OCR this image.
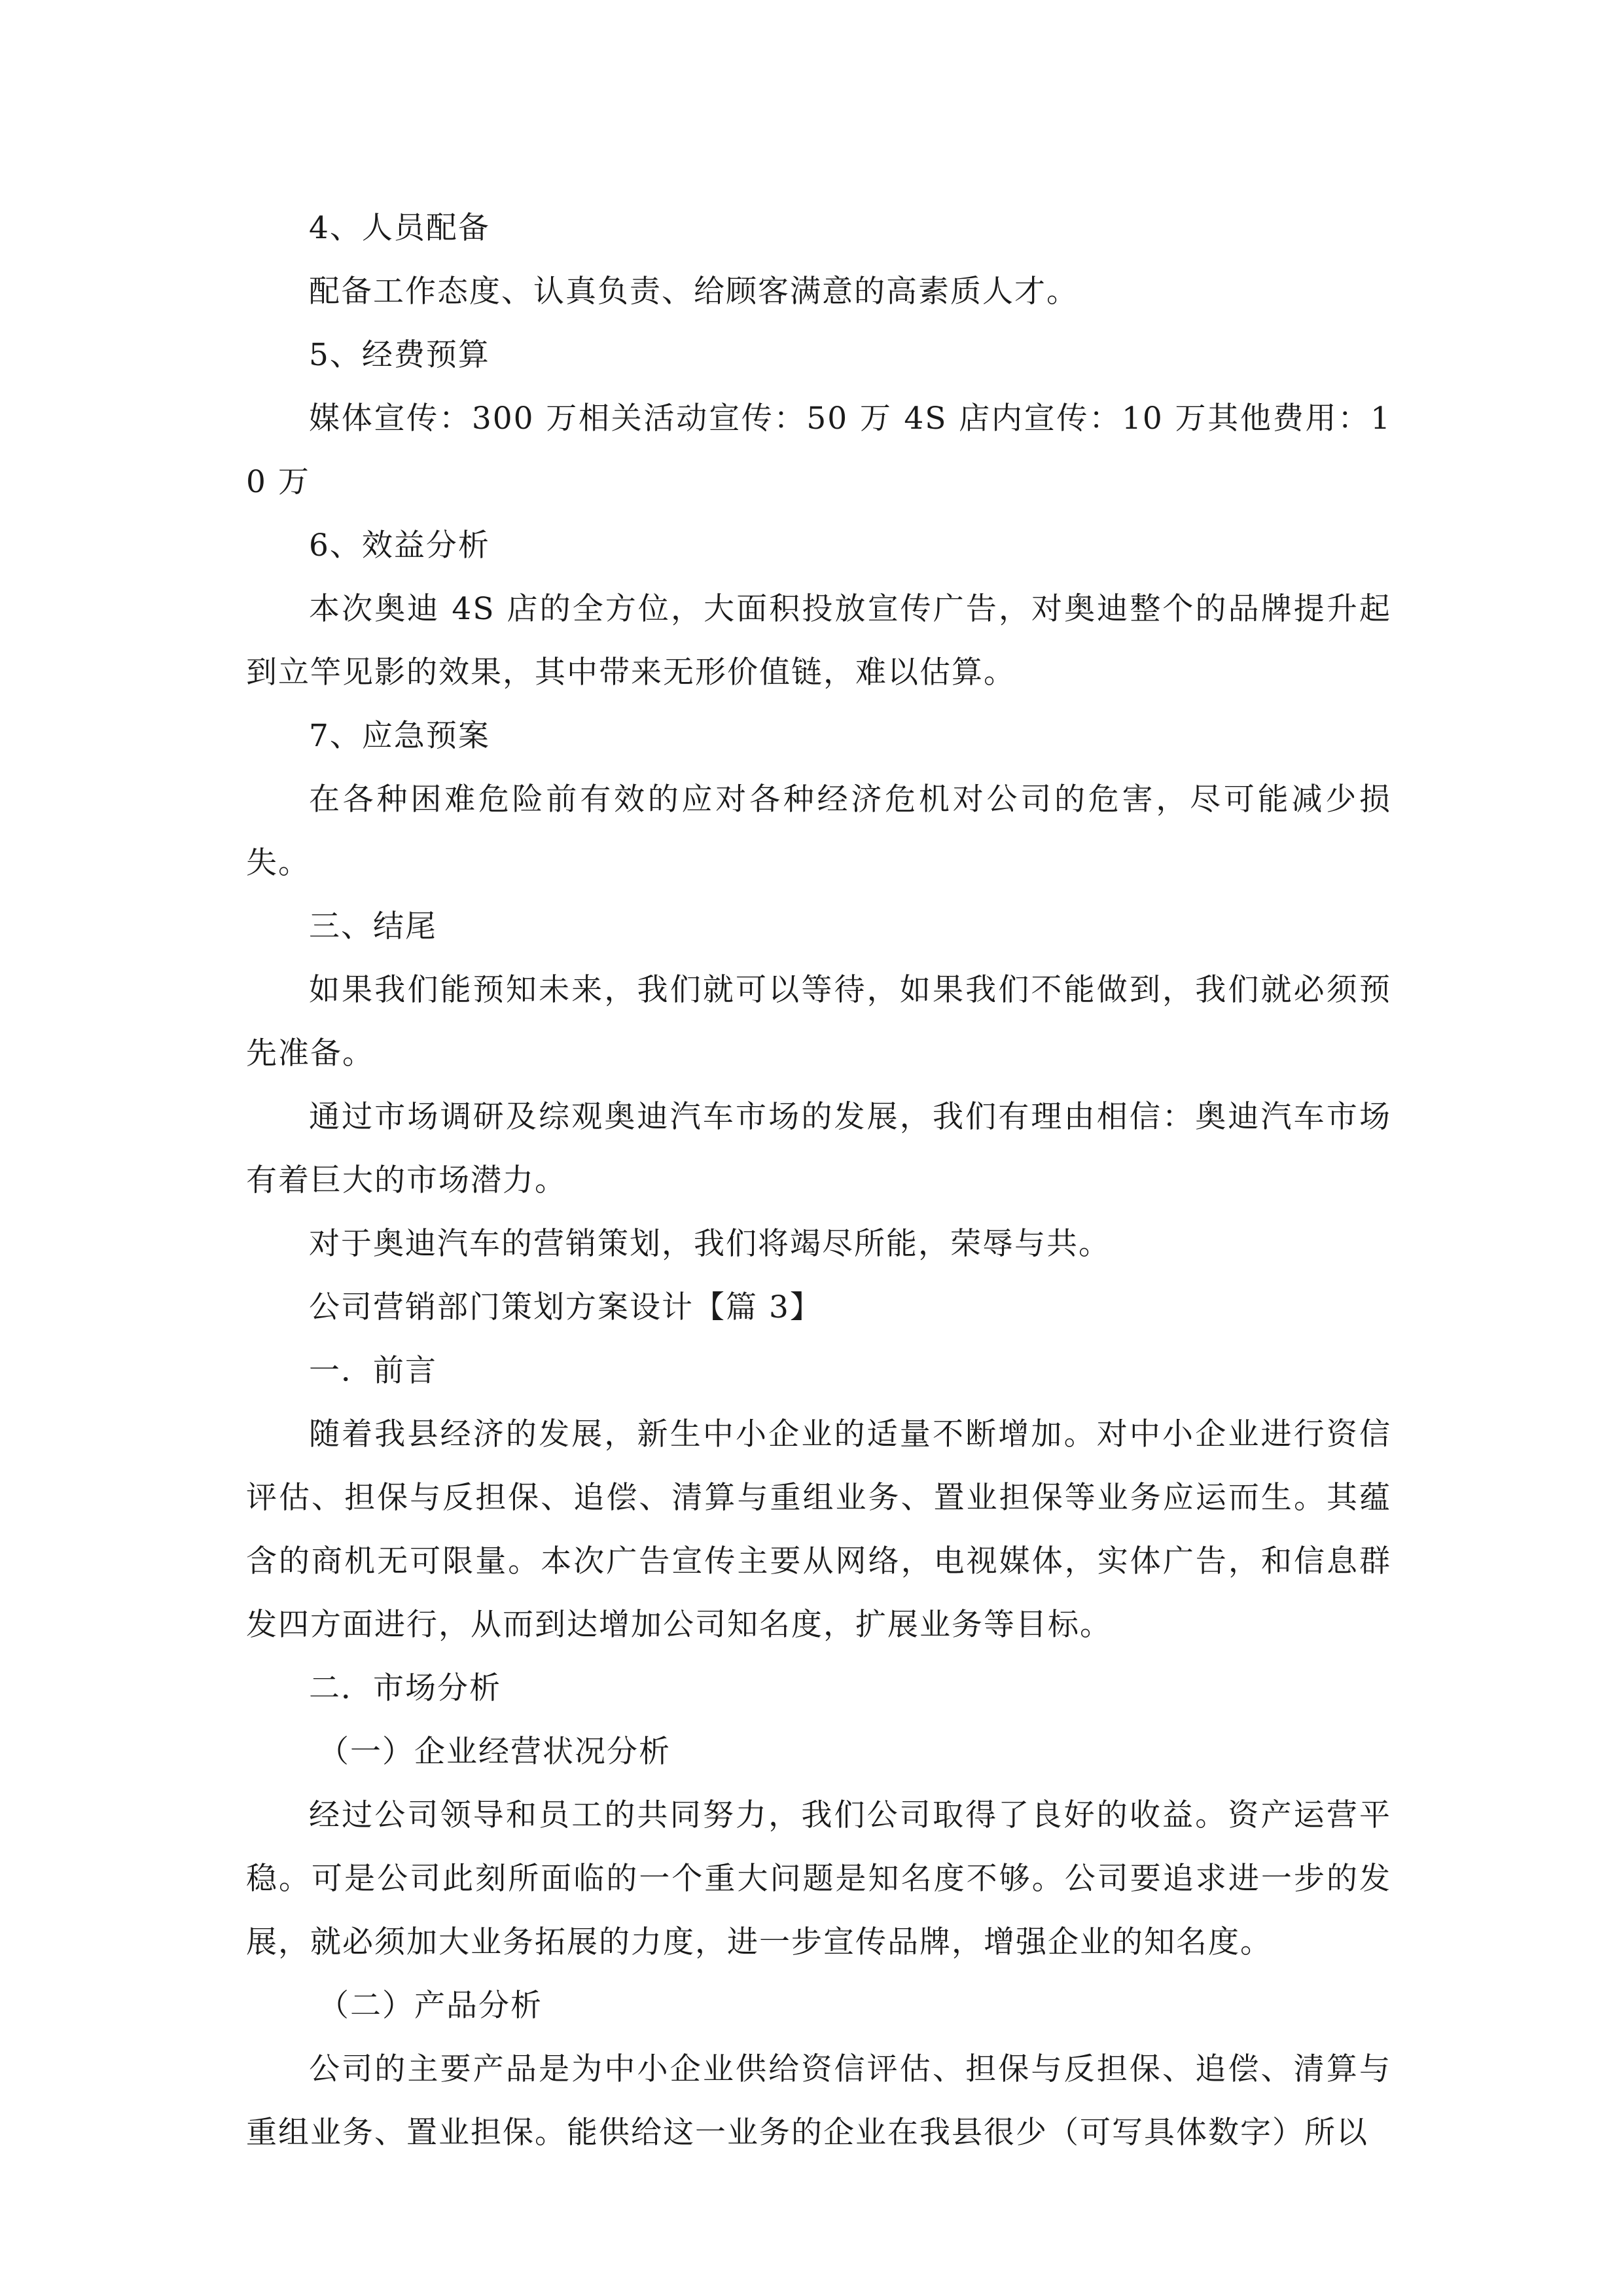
4、人员配备

配备工作态度、认真负责、给顾客满意的高素质人才。

5、经费预算

媒体宣传：300 万相关活动宣传：50 万 4S 店内宣传：10 万其他费用：10 万

6、效益分析

本次奥迪 4S 店的全方位，大面积投放宣传广告，对奥迪整个的品牌提升起到立竿见影的效果，其中带来无形价值链，难以估算。

7、应急预案

在各种困难危险前有效的应对各种经济危机对公司的危害，尽可能减少损失。

三、结尾

如果我们能预知未来，我们就可以等待，如果我们不能做到，我们就必须预先准备。

通过市场调研及综观奥迪汽车市场的发展，我们有理由相信：奥迪汽车市场有着巨大的市场潜力。

对于奥迪汽车的营销策划，我们将竭尽所能，荣辱与共。

公司营销部门策划方案设计【篇 3】

一．前言

随着我县经济的发展，新生中小企业的适量不断增加。对中小企业进行资信评估、担保与反担保、追偿、清算与重组业务、置业担保等业务应运而生。其蕴含的商机无可限量。本次广告宣传主要从网络，电视媒体，实体广告，和信息群发四方面进行，从而到达增加公司知名度，扩展业务等目标。

二．市场分析

（一）企业经营状况分析

经过公司领导和员工的共同努力，我们公司取得了良好的收益。资产运营平稳。可是公司此刻所面临的一个重大问题是知名度不够。公司要追求进一步的发展，就必须加大业务拓展的力度，进一步宣传品牌，增强企业的知名度。

（二）产品分析

公司的主要产品是为中小企业供给资信评估、担保与反担保、追偿、清算与重组业务、置业担保。能供给这一业务的企业在我县很少（可写具体数字）所以
